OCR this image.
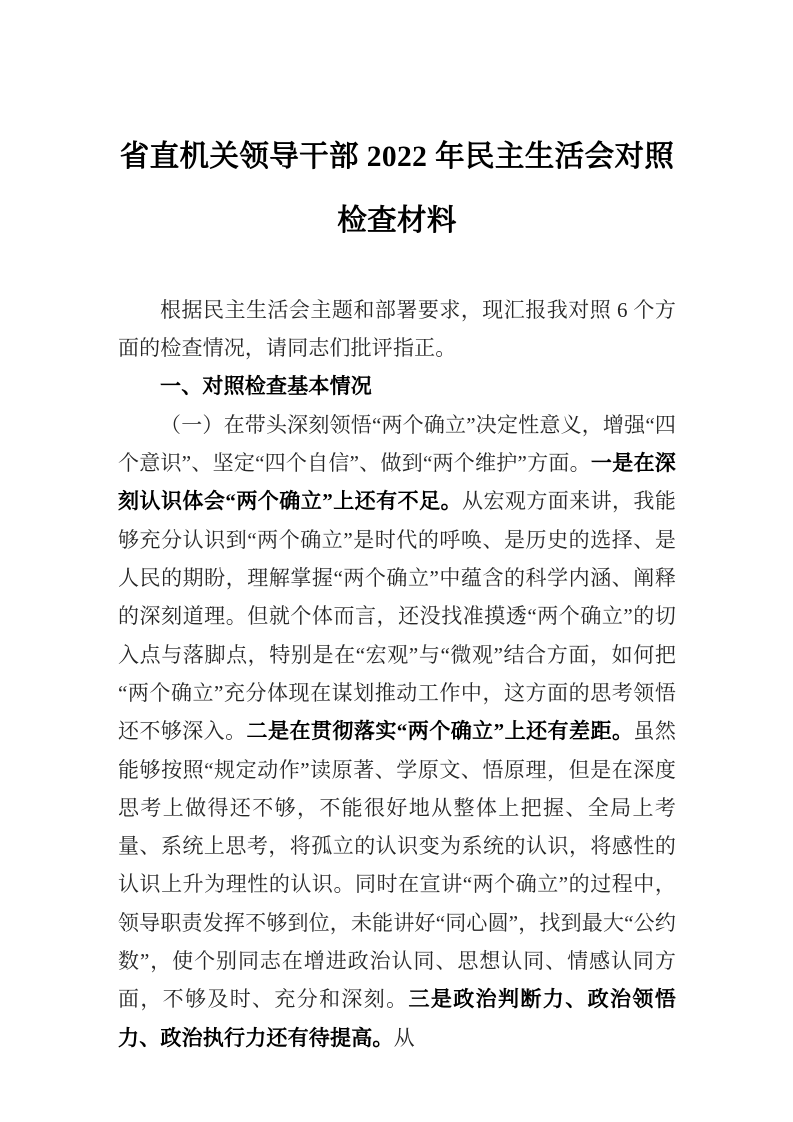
省直机关领导干部 2022 年民主生活会对照
检查材料

根据民主生活会主题和部署要求，现汇报我对照 6 个方面的检查情况，请同志们批评指正。

一、对照检查基本情况

（一）在带头深刻领悟“两个确立”决定性意义，增强“四个意识”、坚定“四个自信”、做到“两个维护”方面。一是在深刻认识体会“两个确立”上还有不足。从宏观方面来讲，我能够充分认识到“两个确立”是时代的呼唤、是历史的选择、是人民的期盼，理解掌握“两个确立”中蕴含的科学内涵、阐释的深刻道理。但就个体而言，还没找准摸透“两个确立”的切入点与落脚点，特别是在“宏观”与“微观”结合方面，如何把“两个确立”充分体现在谋划推动工作中，这方面的思考领悟还不够深入。二是在贯彻落实“两个确立”上还有差距。虽然能够按照“规定动作”读原著、学原文、悟原理，但是在深度思考上做得还不够，不能很好地从整体上把握、全局上考量、系统上思考，将孤立的认识变为系统的认识，将感性的认识上升为理性的认识。同时在宣讲“两个确立”的过程中，领导职责发挥不够到位，未能讲好“同心圆”，找到最大“公约数”，使个别同志在增进政治认同、思想认同、情感认同方面，不够及时、充分和深刻。三是政治判断力、政治领悟力、政治执行力还有待提高。从
